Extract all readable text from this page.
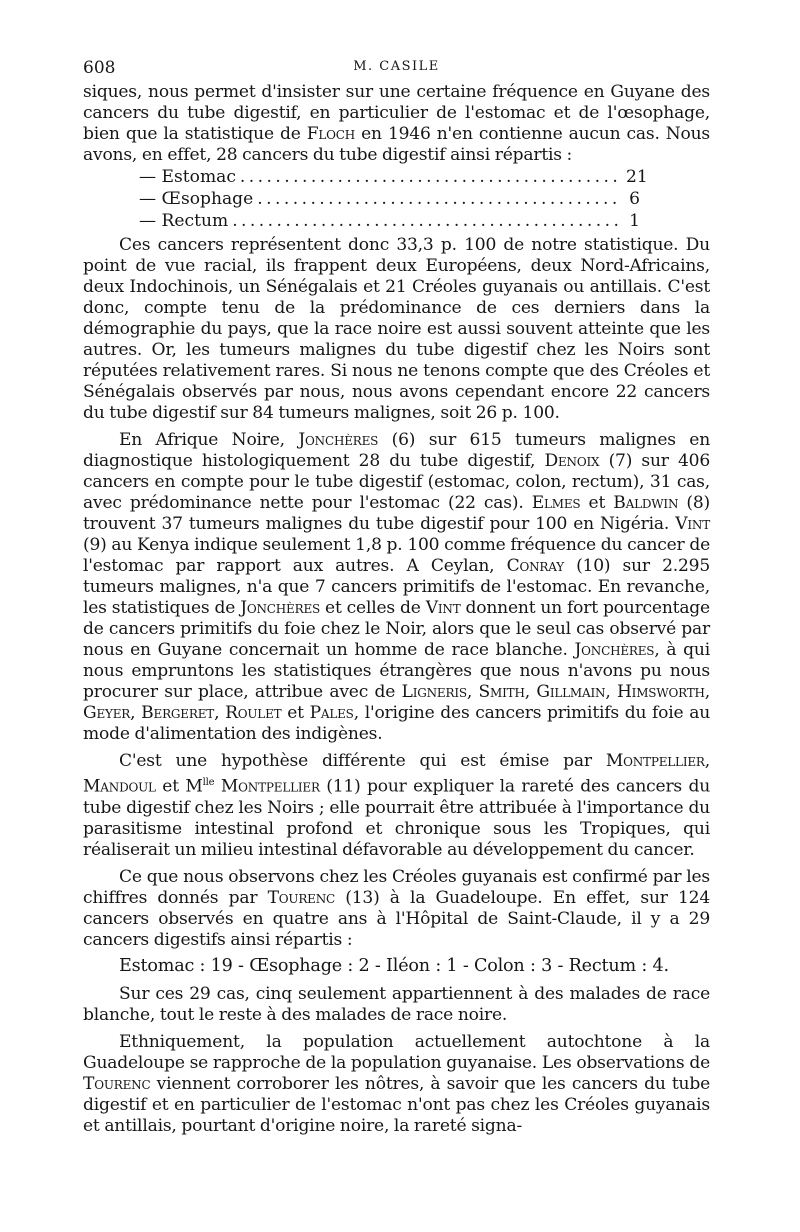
608	M. CASILE

siques, nous permet d'insister sur une certaine fréquence en Guyane des cancers du tube digestif, en particulier de l'estomac et de l'œsophage, bien que la statistique de Floch en 1946 n'en contienne aucun cas. Nous avons, en effet, 28 cancers du tube digestif ainsi répartis :

— Estomac . . .	21
— Œsophage . . .	6
— Rectum . . .	1

Ces cancers représentent donc 33,3 p. 100 de notre statistique. Du point de vue racial, ils frappent deux Européens, deux Nord-Africains, deux Indochinois, un Sénégalais et 21 Créoles guyanais ou antillais. C'est donc, compte tenu de la prédominance de ces derniers dans la démographie du pays, que la race noire est aussi souvent atteinte que les autres. Or, les tumeurs malignes du tube digestif chez les Noirs sont réputées relativement rares. Si nous ne tenons compte que des Créoles et Sénégalais observés par nous, nous avons cependant encore 22 cancers du tube digestif sur 84 tumeurs malignes, soit 26 p. 100.

En Afrique Noire, Jonchères (6) sur 615 tumeurs malignes en diagnostique histologiquement 28 du tube digestif, Denoix (7) sur 406 cancers en compte pour le tube digestif (estomac, colon, rectum), 31 cas, avec prédominance nette pour l'estomac (22 cas). Elmes et Baldwin (8) trouvent 37 tumeurs malignes du tube digestif pour 100 en Nigéria. Vint (9) au Kenya indique seulement 1,8 p. 100 comme fréquence du cancer de l'estomac par rapport aux autres. A Ceylan, Conray (10) sur 2.295 tumeurs malignes, n'a que 7 cancers primitifs de l'estomac. En revanche, les statistiques de Jonchères et celles de Vint donnent un fort pourcentage de cancers primitifs du foie chez le Noir, alors que le seul cas observé par nous en Guyane concernait un homme de race blanche. Jonchères, à qui nous empruntons les statistiques étrangères que nous n'avons pu nous procurer sur place, attribue avec de Ligneris, Smith, Gillmain, Himsworth, Geyer, Bergeret, Roulet et Pales, l'origine des cancers primitifs du foie au mode d'alimentation des indigènes.

C'est une hypothèse différente qui est émise par Montpellier, Mandoul et $M^{lle}$ Montpellier (11) pour expliquer la rareté des cancers du tube digestif chez les Noirs ; elle pourrait être attribuée à l'importance du parasitisme intestinal profond et chronique sous les Tropiques, qui réaliserait un milieu intestinal défavorable au développement du cancer.

Ce que nous observons chez les Créoles guyanais est confirmé par les chiffres donnés par Tourenc (13) à la Guadeloupe. En effet, sur 124 cancers observés en quatre ans à l'Hôpital de Saint-Claude, il y a 29 cancers digestifs ainsi répartis :

Estomac : 19 - Œsophage : 2 - Iléon : 1 - Colon : 3 - Rectum : 4.

Sur ces 29 cas, cinq seulement appartiennent à des malades de race blanche, tout le reste à des malades de race noire.

Ethniquement, la population actuellement autochtone à la Guadeloupe se rapproche de la population guyanaise. Les observations de Tourenc viennent corroborer les nôtres, à savoir que les cancers du tube digestif et en particulier de l'estomac n'ont pas chez les Créoles guyanais et antillais, pourtant d'origine noire, la rareté signa-
